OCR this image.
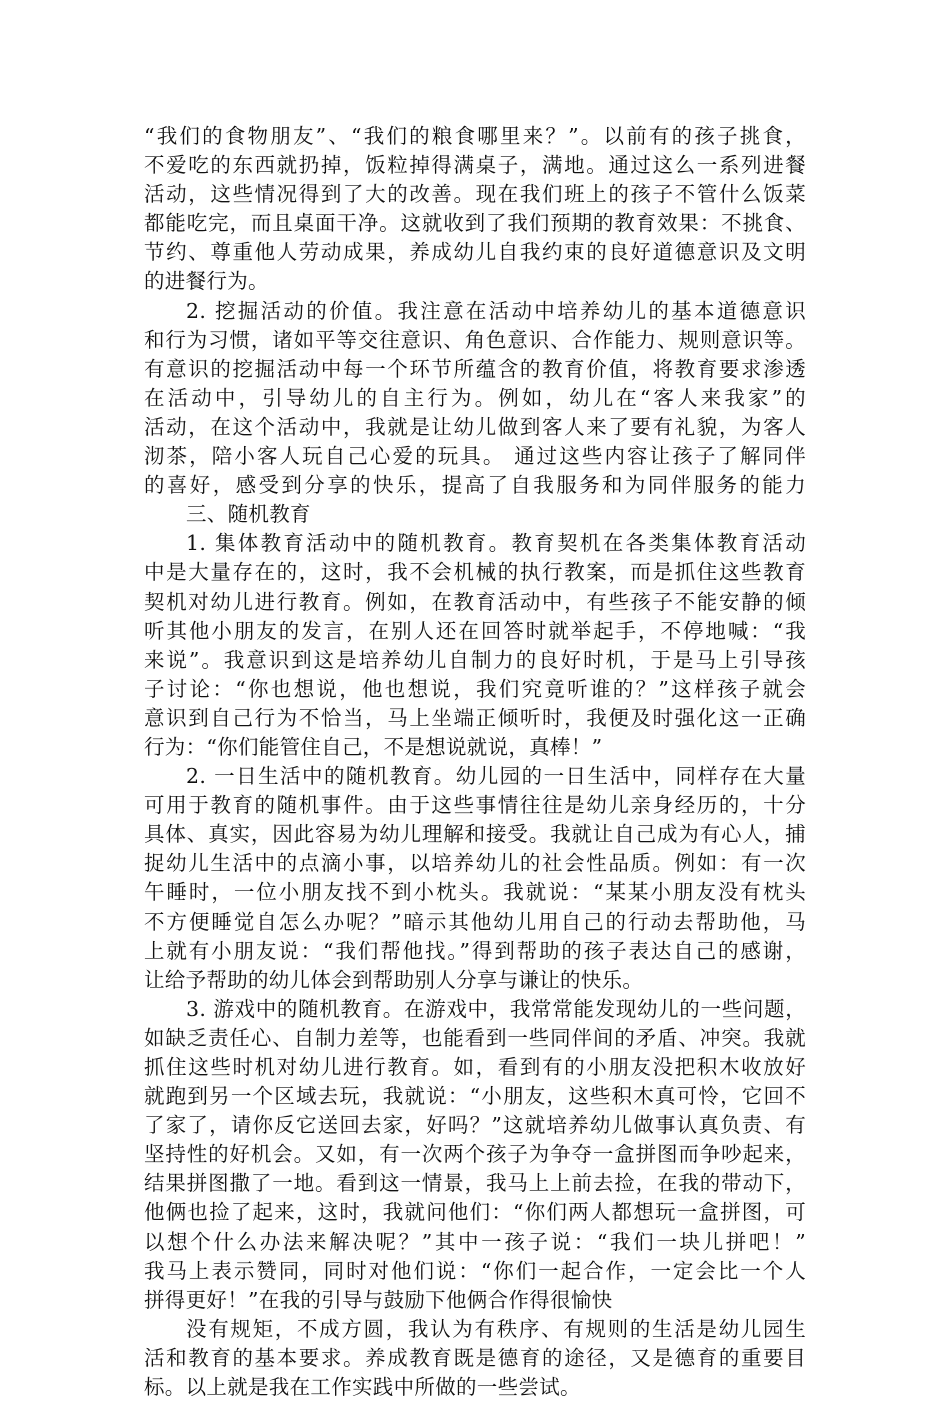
“我们的食物朋友”、“我们的粮食哪里来？”。以前有的孩子挑食，
不爱吃的东西就扔掉，饭粒掉得满桌子，满地。通过这么一系列进餐
活动，这些情况得到了大的改善。现在我们班上的孩子不管什么饭菜
都能吃完，而且桌面干净。这就收到了我们预期的教育效果：不挑食、
节约、尊重他人劳动成果，养成幼儿自我约束的良好道德意识及文明
的进餐行为。
2. 挖掘活动的价值。我注意在活动中培养幼儿的基本道德意识
和行为习惯，诸如平等交往意识、角色意识、合作能力、规则意识等。
有意识的挖掘活动中每一个环节所蕴含的教育价值，将教育要求渗透
在活动中，引导幼儿的自主行为。例如，幼儿在“客人来我家”的
活动，在这个活动中，我就是让幼儿做到客人来了要有礼貌，为客人
沏茶，陪小客人玩自己心爱的玩具。 通过这些内容让孩子了解同伴
的喜好，感受到分享的快乐，提高了自我服务和为同伴服务的能力
三、随机教育
1. 集体教育活动中的随机教育。教育契机在各类集体教育活动
中是大量存在的，这时，我不会机械的执行教案，而是抓住这些教育
契机对幼儿进行教育。例如，在教育活动中，有些孩子不能安静的倾
听其他小朋友的发言，在别人还在回答时就举起手，不停地喊：“我
来说”。我意识到这是培养幼儿自制力的良好时机，于是马上引导孩
子讨论：“你也想说，他也想说，我们究竟听谁的？”这样孩子就会
意识到自己行为不恰当，马上坐端正倾听时，我便及时强化这一正确
行为：“你们能管住自己，不是想说就说，真棒！”
2. 一日生活中的随机教育。幼儿园的一日生活中，同样存在大量
可用于教育的随机事件。由于这些事情往往是幼儿亲身经历的，十分
具体、真实，因此容易为幼儿理解和接受。我就让自己成为有心人，捕
捉幼儿生活中的点滴小事，以培养幼儿的社会性品质。例如：有一次
午睡时，一位小朋友找不到小枕头。我就说：“某某小朋友没有枕头
不方便睡觉自怎么办呢？”暗示其他幼儿用自己的行动去帮助他，马
上就有小朋友说：“我们帮他找。”得到帮助的孩子表达自己的感谢，
让给予帮助的幼儿体会到帮助别人分享与谦让的快乐。
3. 游戏中的随机教育。在游戏中，我常常能发现幼儿的一些问题，
如缺乏责任心、自制力差等，也能看到一些同伴间的矛盾、冲突。我就
抓住这些时机对幼儿进行教育。如，看到有的小朋友没把积木收放好
就跑到另一个区域去玩，我就说：“小朋友，这些积木真可怜，它回不
了家了，请你反它送回去家，好吗？”这就培养幼儿做事认真负责、有
坚持性的好机会。又如，有一次两个孩子为争夺一盒拼图而争吵起来，
结果拼图撒了一地。看到这一情景，我马上上前去捡，在我的带动下，
他俩也捡了起来，这时，我就问他们：“你们两人都想玩一盒拼图，可
以想个什么办法来解决呢？”其中一孩子说：“我们一块儿拼吧！”
我马上表示赞同，同时对他们说：“你们一起合作，一定会比一个人
拼得更好！”在我的引导与鼓励下他俩合作得很愉快
没有规矩，不成方圆，我认为有秩序、有规则的生活是幼儿园生
活和教育的基本要求。养成教育既是德育的途径，又是德育的重要目
标。以上就是我在工作实践中所做的一些尝试。
